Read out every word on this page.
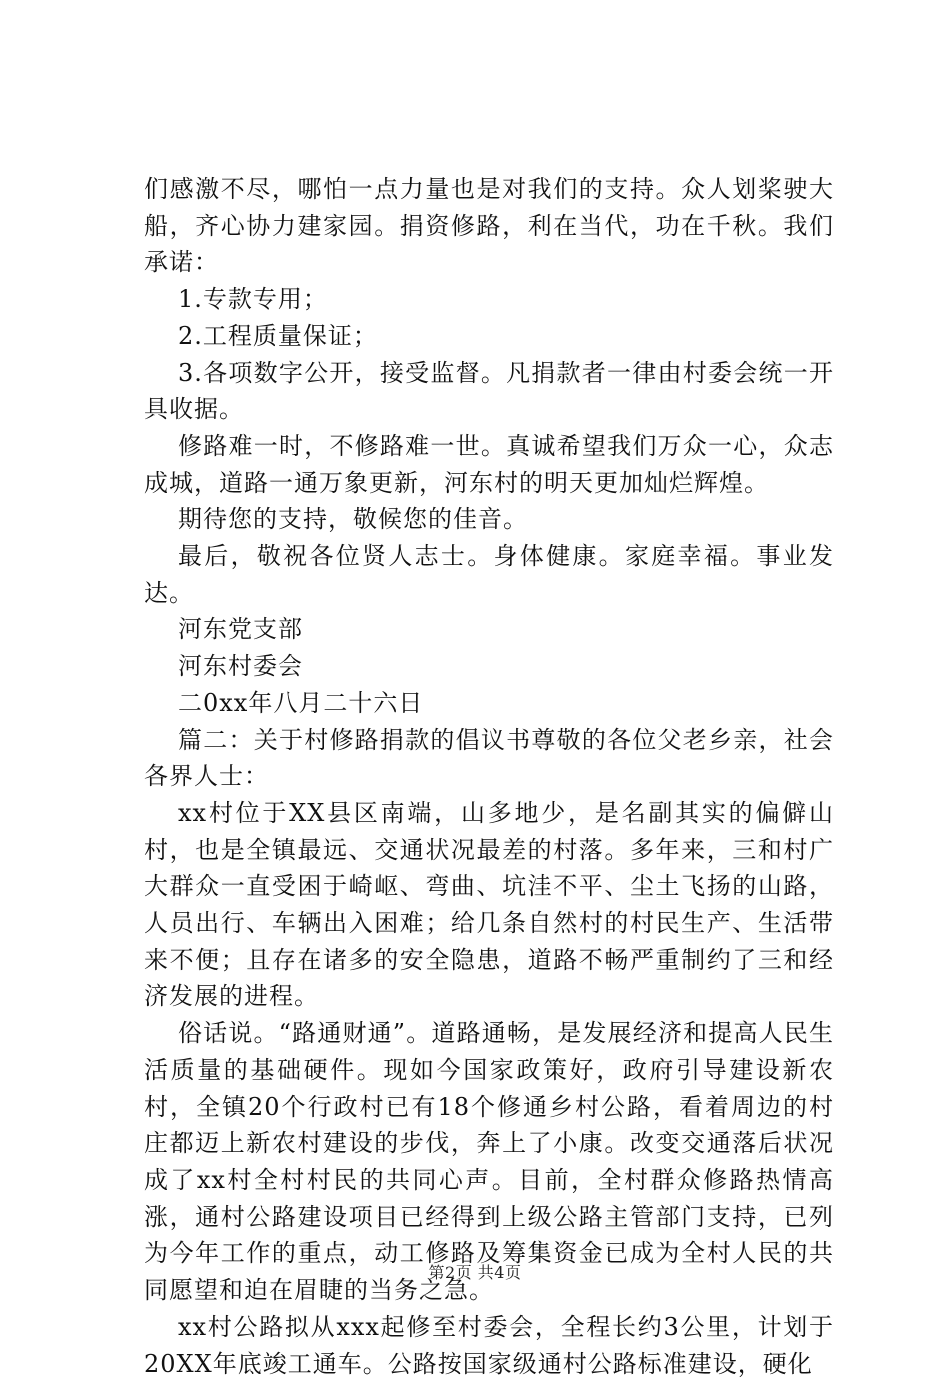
们感激不尽，哪怕一点力量也是对我们的支持。众人划桨驶大船，齐心协力建家园。捐资修路，利在当代，功在千秋。我们承诺：

1.专款专用；

2.工程质量保证；

3.各项数字公开，接受监督。凡捐款者一律由村委会统一开具收据。

修路难一时，不修路难一世。真诚希望我们万众一心，众志成城，道路一通万象更新，河东村的明天更加灿烂辉煌。

期待您的支持，敬候您的佳音。

最后，敬祝各位贤人志士。身体健康。家庭幸福。事业发达。

河东党支部

河东村委会

二0xx年八月二十六日

篇二：关于村修路捐款的倡议书尊敬的各位父老乡亲，社会各界人士：

xx村位于XX县区南端，山多地少，是名副其实的偏僻山村，也是全镇最远、交通状况最差的村落。多年来，三和村广大群众一直受困于崎岖、弯曲、坑洼不平、尘土飞扬的山路，人员出行、车辆出入困难；给几条自然村的村民生产、生活带来不便；且存在诸多的安全隐患，道路不畅严重制约了三和经济发展的进程。

俗话说。“路通财通”。道路通畅，是发展经济和提高人民生活质量的基础硬件。现如今国家政策好，政府引导建设新农村，全镇20个行政村已有18个修通乡村公路，看着周边的村庄都迈上新农村建设的步伐，奔上了小康。改变交通落后状况成了xx村全村村民的共同心声。目前，全村群众修路热情高涨，通村公路建设项目已经得到上级公路主管部门支持，已列为今年工作的重点，动工修路及筹集资金已成为全村人民的共同愿望和迫在眉睫的当务之急。

xx村公路拟从xxx起修至村委会，全程长约3公里，计划于20XX年底竣工通车。公路按国家级通村公路标准建设，硬化

第2页 共4页
